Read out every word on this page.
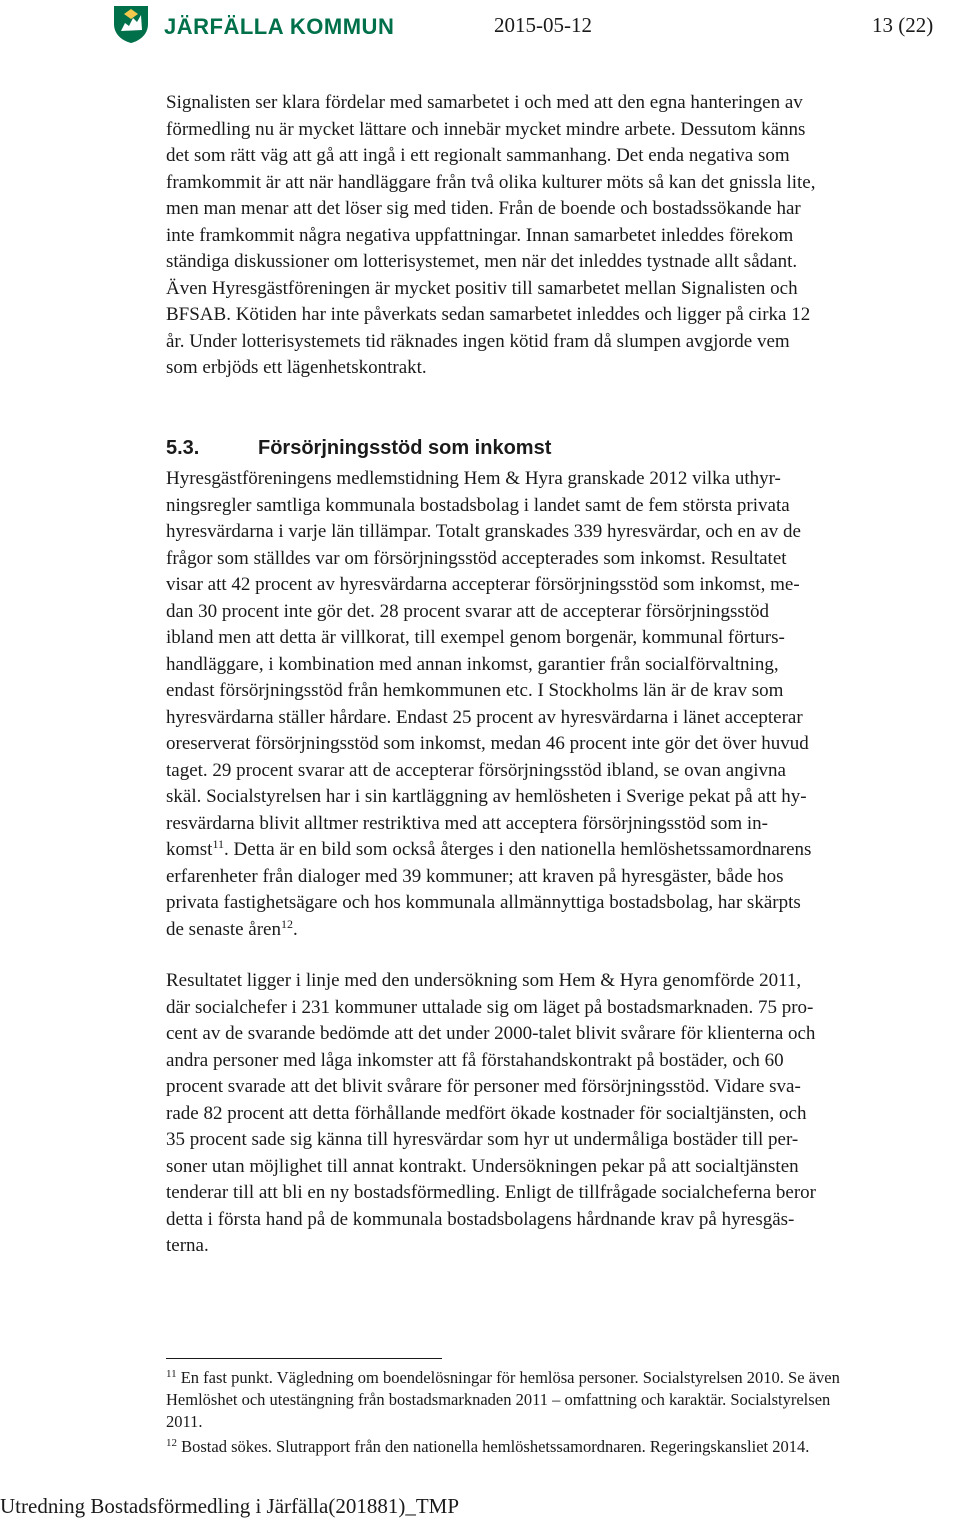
JÄRFÄLLA KOMMUN	2015-05-12	13 (22)
Signalisten ser klara fördelar med samarbetet i och med att den egna hanteringen av
förmedling nu är mycket lättare och innebär mycket mindre arbete. Dessutom känns
det som rätt väg att gå att ingå i ett regionalt sammanhang. Det enda negativa som
framkommit är att när handläggare från två olika kulturer möts så kan det gnissla lite,
men man menar att det löser sig med tiden. Från de boende och bostadssökande har
inte framkommit några negativa uppfattningar. Innan samarbetet inleddes förekom
ständiga diskussioner om lotterisystemet, men när det inleddes tystnade allt sådant.
Även Hyresgästföreningen är mycket positiv till samarbetet mellan Signalisten och
BFSAB. Kötiden har inte påverkats sedan samarbetet inleddes och ligger på cirka 12
år. Under lotterisystemets tid räknades ingen kötid fram då slumpen avgjorde vem
som erbjöds ett lägenhetskontrakt.
5.3.	Försörjningsstöd som inkomst
Hyresgästföreningens medlemstidning Hem & Hyra granskade 2012 vilka uthyr-
ningsregler samtliga kommunala bostadsbolag i landet samt de fem största privata
hyresvärdarna i varje län tillämpar. Totalt granskades 339 hyresvärdar, och en av de
frågor som ställdes var om försörjningsstöd accepterades som inkomst. Resultatet
visar att 42 procent av hyresvärdarna accepterar försörjningsstöd som inkomst, me-
dan 30 procent inte gör det. 28 procent svarar att de accepterar försörjningsstöd
ibland men att detta är villkorat, till exempel genom borgenär, kommunal förturs-
handläggare, i kombination med annan inkomst, garantier från socialförvaltning,
endast försörjningsstöd från hemkommunen etc. I Stockholms län är de krav som
hyresvärdarna ställer hårdare. Endast 25 procent av hyresvärdarna i länet accepterar
oreserverat försörjningsstöd som inkomst, medan 46 procent inte gör det över huvud
taget. 29 procent svarar att de accepterar försörjningsstöd ibland, se ovan angivna
skäl. Socialstyrelsen har i sin kartläggning av hemlösheten i Sverige pekat på att hy-
resvärdarna blivit alltmer restriktiva med att acceptera försörjningsstöd som in-
komst$^{11}$. Detta är en bild som också återges i den nationella hemlöshetssamordnarens
erfarenheter från dialoger med 39 kommuner; att kraven på hyresgäster, både hos
privata fastighetsägare och hos kommunala allmännyttiga bostadsbolag, har skärpts
de senaste åren$^{12}$.
Resultatet ligger i linje med den undersökning som Hem & Hyra genomförde 2011,
där socialchefer i 231 kommuner uttalade sig om läget på bostadsmarknaden. 75 pro-
cent av de svarande bedömde att det under 2000-talet blivit svårare för klienterna och
andra personer med låga inkomster att få förstahandskontrakt på bostäder, och 60
procent svarade att det blivit svårare för personer med försörjningsstöd. Vidare sva-
rade 82 procent att detta förhållande medfört ökade kostnader för socialtjänsten, och
35 procent sade sig känna till hyresvärdar som hyr ut undermåliga bostäder till per-
soner utan möjlighet till annat kontrakt. Undersökningen pekar på att socialtjänsten
tenderar till att bli en ny bostadsförmedling. Enligt de tillfrågade socialcheferna beror
detta i första hand på de kommunala bostadsbolagens hårdnande krav på hyresgäs-
terna.
$^{11}$ En fast punkt. Vägledning om boendelösningar för hemlösa personer. Socialstyrelsen 2010. Se även
Hemlöshet och utestängning från bostadsmarknaden 2011 – omfattning och karaktär. Socialstyrelsen
2011.
$^{12}$ Bostad sökes. Slutrapport från den nationella hemlöshetssamordnaren. Regeringskansliet 2014.
Utredning Bostadsförmedling i Järfälla(201881)_TMP
